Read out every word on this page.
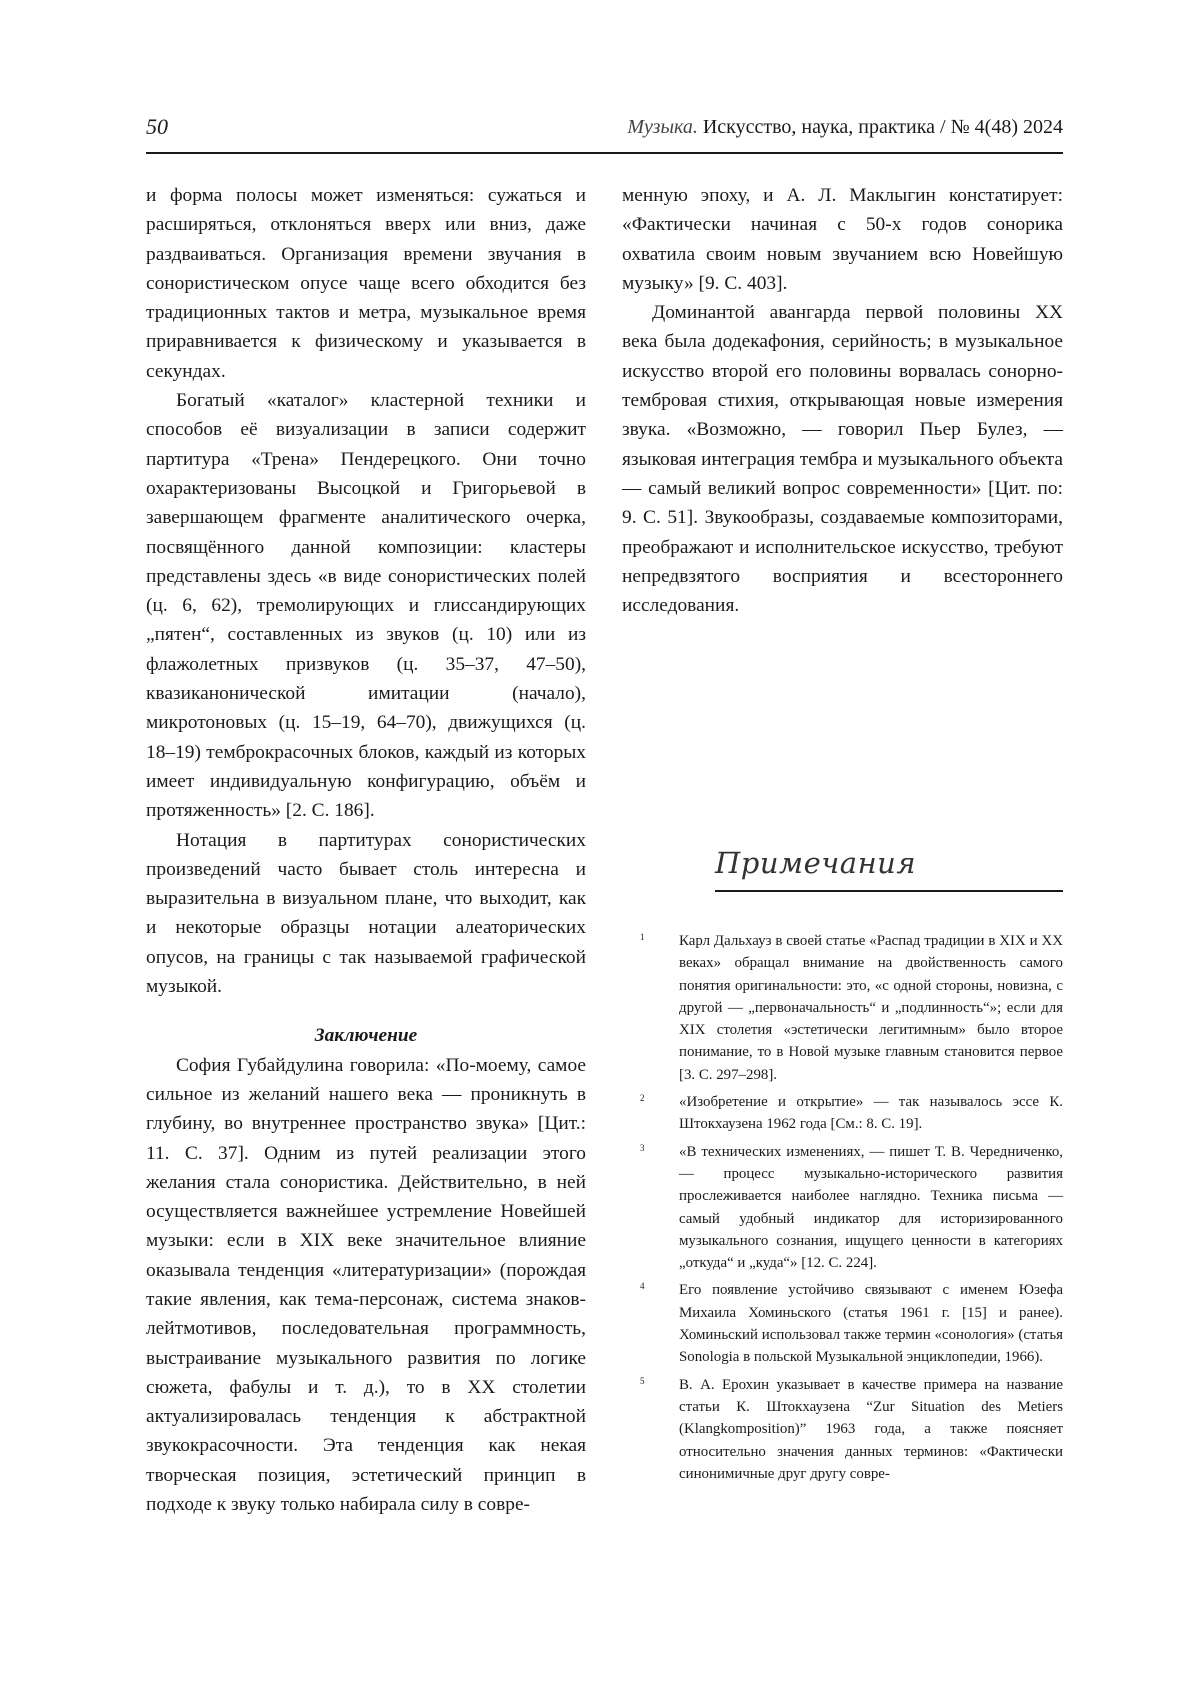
50	Музыка. Искусство, наука, практика / № 4(48) 2024

и форма полосы может изменяться: сужаться и расширяться, отклоняться вверх или вниз, даже раздваиваться. Организация времени звучания в сонористическом опусе чаще всего обходится без традиционных тактов и метра, музыкальное время приравнивается к физическому и указывается в секундах.

Богатый «каталог» кластерной техники и способов её визуализации в записи содержит партитура «Трена» Пендерецкого. Они точно охарактеризованы Высоцкой и Григорьевой в завершающем фрагменте аналитического очерка, посвящённого данной композиции: кластеры представлены здесь «в виде сонористических полей (ц. 6, 62), тремолирующих и глиссандирующих „пятен“, составленных из звуков (ц. 10) или из флажолетных призвуков (ц. 35–37, 47–50), квазиканонической имитации (начало), микротоновых (ц. 15–19, 64–70), движущихся (ц. 18–19) темброкрасочных блоков, каждый из которых имеет индивидуальную конфигурацию, объём и протяженность» [2. С. 186].

Нотация в партитурах сонористических произведений часто бывает столь интересна и выразительна в визуальном плане, что выходит, как и некоторые образцы нотации алеаторических опусов, на границы с так называемой графической музыкой.

Заключение

София Губайдулина говорила: «По-моему, самое сильное из желаний нашего века — проникнуть в глубину, во внутреннее пространство звука» [Цит.: 11. С. 37]. Одним из путей реализации этого желания стала сонористика. Действительно, в ней осуществляется важнейшее устремление Новейшей музыки: если в XIX веке значительное влияние оказывала тенденция «литературизации» (порождая такие явления, как тема-персонаж, система знаков-лейтмотивов, последовательная программность, выстраивание музыкального развития по логике сюжета, фабулы и т. д.), то в XX столетии актуализировалась тенденция к абстрактной звукокрасочности. Эта тенденция как некая творческая позиция, эстетический принцип в подходе к звуку только набирала силу в совре-

менную эпоху, и А. Л. Маклыгин констатирует: «Фактически начиная с 50-х годов сонорика охватила своим новым звучанием всю Новейшую музыку» [9. С. 403].

Доминантой авангарда первой половины XX века была додекафония, серийность; в музыкальное искусство второй его половины ворвалась сонорно-тембровая стихия, открывающая новые измерения звука. «Возможно, — говорил Пьер Булез, — языковая интеграция тембра и музыкального объекта — самый великий вопрос современности» [Цит. по: 9. С. 51]. Звукообразы, создаваемые композиторами, преображают и исполнительское искусство, требуют непредвзятого восприятия и всестороннего исследования.

Примечания
1 Карл Дальхауз в своей статье «Распад традиции в XIX и XX веках» обращал внимание на двойственность самого понятия оригинальности: это, «с одной стороны, новизна, с другой — „первоначальность“ и „подлинность“»; если для XIX столетия «эстетически легитимным» было второе понимание, то в Новой музыке главным становится первое [3. С. 297–298].
2 «Изобретение и открытие» — так называлось эссе К. Штокхаузена 1962 года [См.: 8. С. 19].
3 «В технических изменениях, — пишет Т. В. Чередниченко, — процесс музыкально-исторического развития прослеживается наиболее наглядно. Техника письма — самый удобный индикатор для историзированного музыкального сознания, ищущего ценности в категориях „откуда“ и „куда“» [12. С. 224].
4 Его появление устойчиво связывают с именем Юзефа Михаила Хоминьского (статья 1961 г. [15] и ранее). Хоминьский использовал также термин «сонология» (статья Sonologia в польской Музыкальной энциклопедии, 1966).
5 В. А. Ерохин указывает в качестве примера на название статьи К. Штокхаузена “Zur Situation des Metiers (Klangkomposition)” 1963 года, а также поясняет относительно значения данных терминов: «Фактически синонимичные друг другу совре-
